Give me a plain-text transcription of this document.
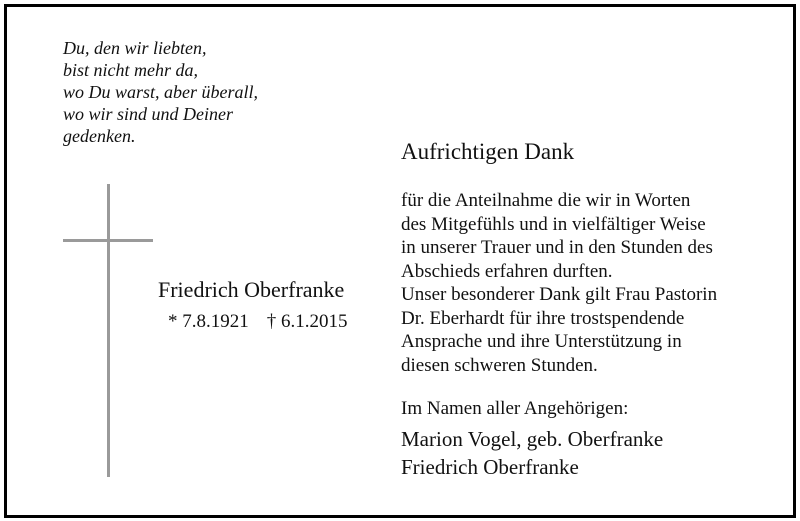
Du, den wir liebten,
bist nicht mehr da,
wo Du warst, aber überall,
wo wir sind und Deiner
gedenken.
Friedrich Oberfranke
* 7.8.1921 † 6.1.2015
Aufrichtigen Dank
für die Anteilnahme die wir in Worten
des Mitgefühls und in vielfältiger Weise
in unserer Trauer und in den Stunden des
Abschieds erfahren durften.
Unser besonderer Dank gilt Frau Pastorin
Dr. Eberhardt für ihre trostspendende
Ansprache und ihre Unterstützung in
diesen schweren Stunden.
Im Namen aller Angehörigen:
Marion Vogel, geb. Oberfranke
Friedrich Oberfranke
